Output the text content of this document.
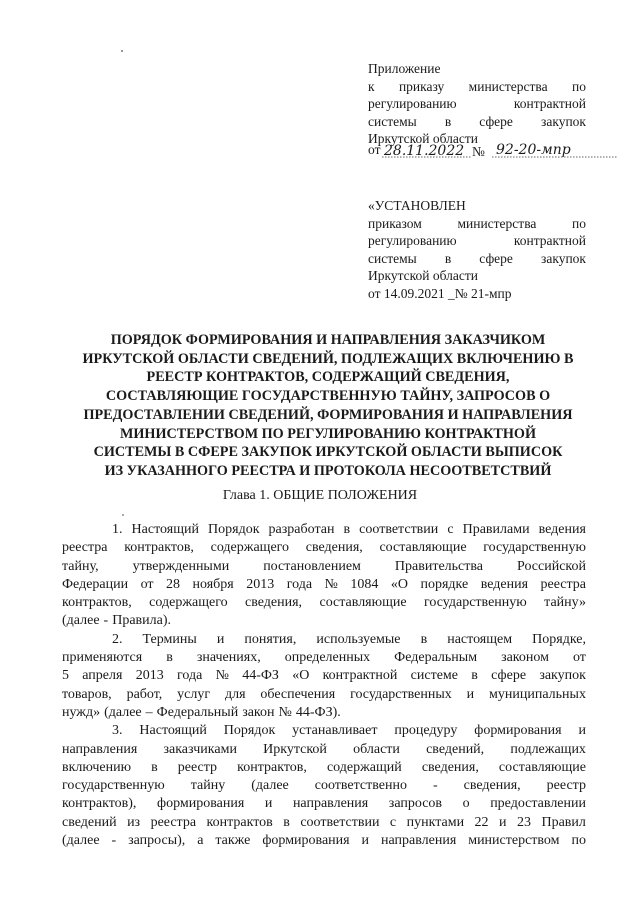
Приложение
к приказу министерства по
регулированию	контрактной
системы в сфере закупок
Иркутской области
от 28.11.2022 № 92-20-мпр
«УСТАНОВЛЕН
приказом	министерства	по
регулированию	контрактной
системы в сфере закупок
Иркутской области
от 14.09.2021 _№ 21-мпр
ПОРЯДОК ФОРМИРОВАНИЯ И НАПРАВЛЕНИЯ ЗАКАЗЧИКОМ
ИРКУТСКОЙ ОБЛАСТИ СВЕДЕНИЙ, ПОДЛЕЖАЩИХ ВКЛЮЧЕНИЮ В
РЕЕСТР КОНТРАКТОВ, СОДЕРЖАЩИЙ СВЕДЕНИЯ,
СОСТАВЛЯЮЩИЕ ГОСУДАРСТВЕННУЮ ТАЙНУ, ЗАПРОСОВ О
ПРЕДОСТАВЛЕНИИ СВЕДЕНИЙ, ФОРМИРОВАНИЯ И НАПРАВЛЕНИЯ
МИНИСТЕРСТВОМ ПО РЕГУЛИРОВАНИЮ КОНТРАКТНОЙ
СИСТЕМЫ В СФЕРЕ ЗАКУПОК ИРКУТСКОЙ ОБЛАСТИ ВЫПИСОК
ИЗ УКАЗАННОГО РЕЕСТРА И ПРОТОКОЛА НЕСООТВЕТСТВИЙ
Глава 1. ОБЩИЕ ПОЛОЖЕНИЯ
1. Настоящий Порядок разработан в соответствии с Правилами ведения
реестра контрактов, содержащего сведения, составляющие государственную
тайну, утвержденными постановлением Правительства Российской
Федерации от 28 ноября 2013 года № 1084 «О порядке ведения реестра
контрактов, содержащего сведения, составляющие государственную тайну»
(далее - Правила).
2. Термины и понятия, используемые в настоящем Порядке,
применяются в значениях, определенных Федеральным законом от
5 апреля 2013 года № 44-ФЗ «О контрактной системе в сфере закупок
товаров, работ, услуг для обеспечения государственных и муниципальных
нужд» (далее – Федеральный закон № 44-ФЗ).
3. Настоящий Порядок устанавливает процедуру формирования и
направления заказчиками Иркутской области сведений, подлежащих
включению в реестр контрактов, содержащий сведения, составляющие
государственную тайну (далее соответственно - сведения, реестр
контрактов), формирования и направления запросов о предоставлении
сведений из реестра контрактов в соответствии с пунктами 22 и 23 Правил
(далее - запросы), а также формирования и направления министерством по
